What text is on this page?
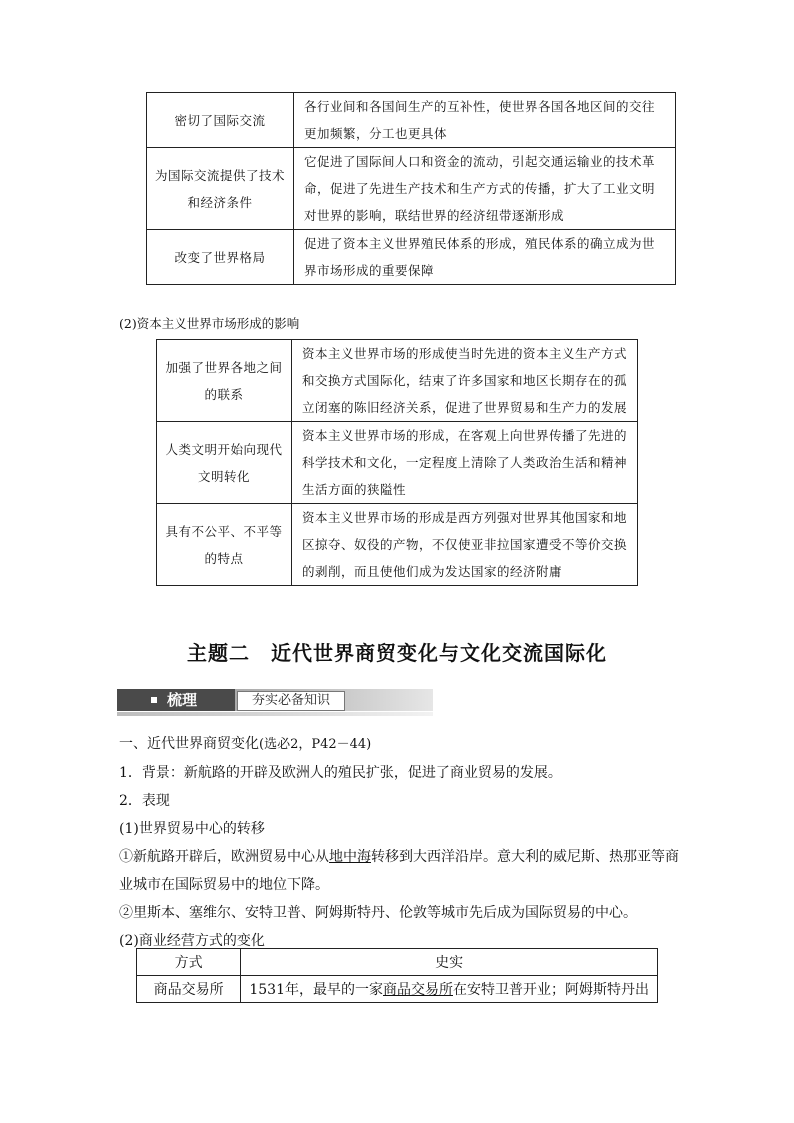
密切了国际交流	各行业间和各国间生产的互补性，使世界各国各地区间的交往更加频繁，分工也更具体
为国际交流提供了技术和经济条件	它促进了国际间人口和资金的流动，引起交通运输业的技术革命，促进了先进生产技术和生产方式的传播，扩大了工业文明对世界的影响，联结世界的经济纽带逐渐形成
改变了世界格局	促进了资本主义世界殖民体系的形成，殖民体系的确立成为世界市场形成的重要保障
(2)资本主义世界市场形成的影响
加强了世界各地之间的联系	资本主义世界市场的形成使当时先进的资本主义生产方式和交换方式国际化，结束了许多国家和地区长期存在的孤立闭塞的陈旧经济关系，促进了世界贸易和生产力的发展
人类文明开始向现代文明转化	资本主义世界市场的形成，在客观上向世界传播了先进的科学技术和文化，一定程度上清除了人类政治生活和精神生活方面的狭隘性
具有不公平、不平等的特点	资本主义世界市场的形成是西方列强对世界其他国家和地区掠夺、奴役的产物，不仅使亚非拉国家遭受不等价交换的剥削，而且使他们成为发达国家的经济附庸
主题二　近代世界商贸变化与文化交流国际化
梳理	夯实必备知识
一、近代世界商贸变化(选必2，P42－44)
1．背景：新航路的开辟及欧洲人的殖民扩张，促进了商业贸易的发展。
2．表现
(1)世界贸易中心的转移
①新航路开辟后，欧洲贸易中心从地中海转移到大西洋沿岸。意大利的威尼斯、热那亚等商
业城市在国际贸易中的地位下降。
②里斯本、塞维尔、安特卫普、阿姆斯特丹、伦敦等城市先后成为国际贸易的中心。
(2)商业经营方式的变化
方式	史实
商品交易所	1531年，最早的一家商品交易所在安特卫普开业；阿姆斯特丹出
